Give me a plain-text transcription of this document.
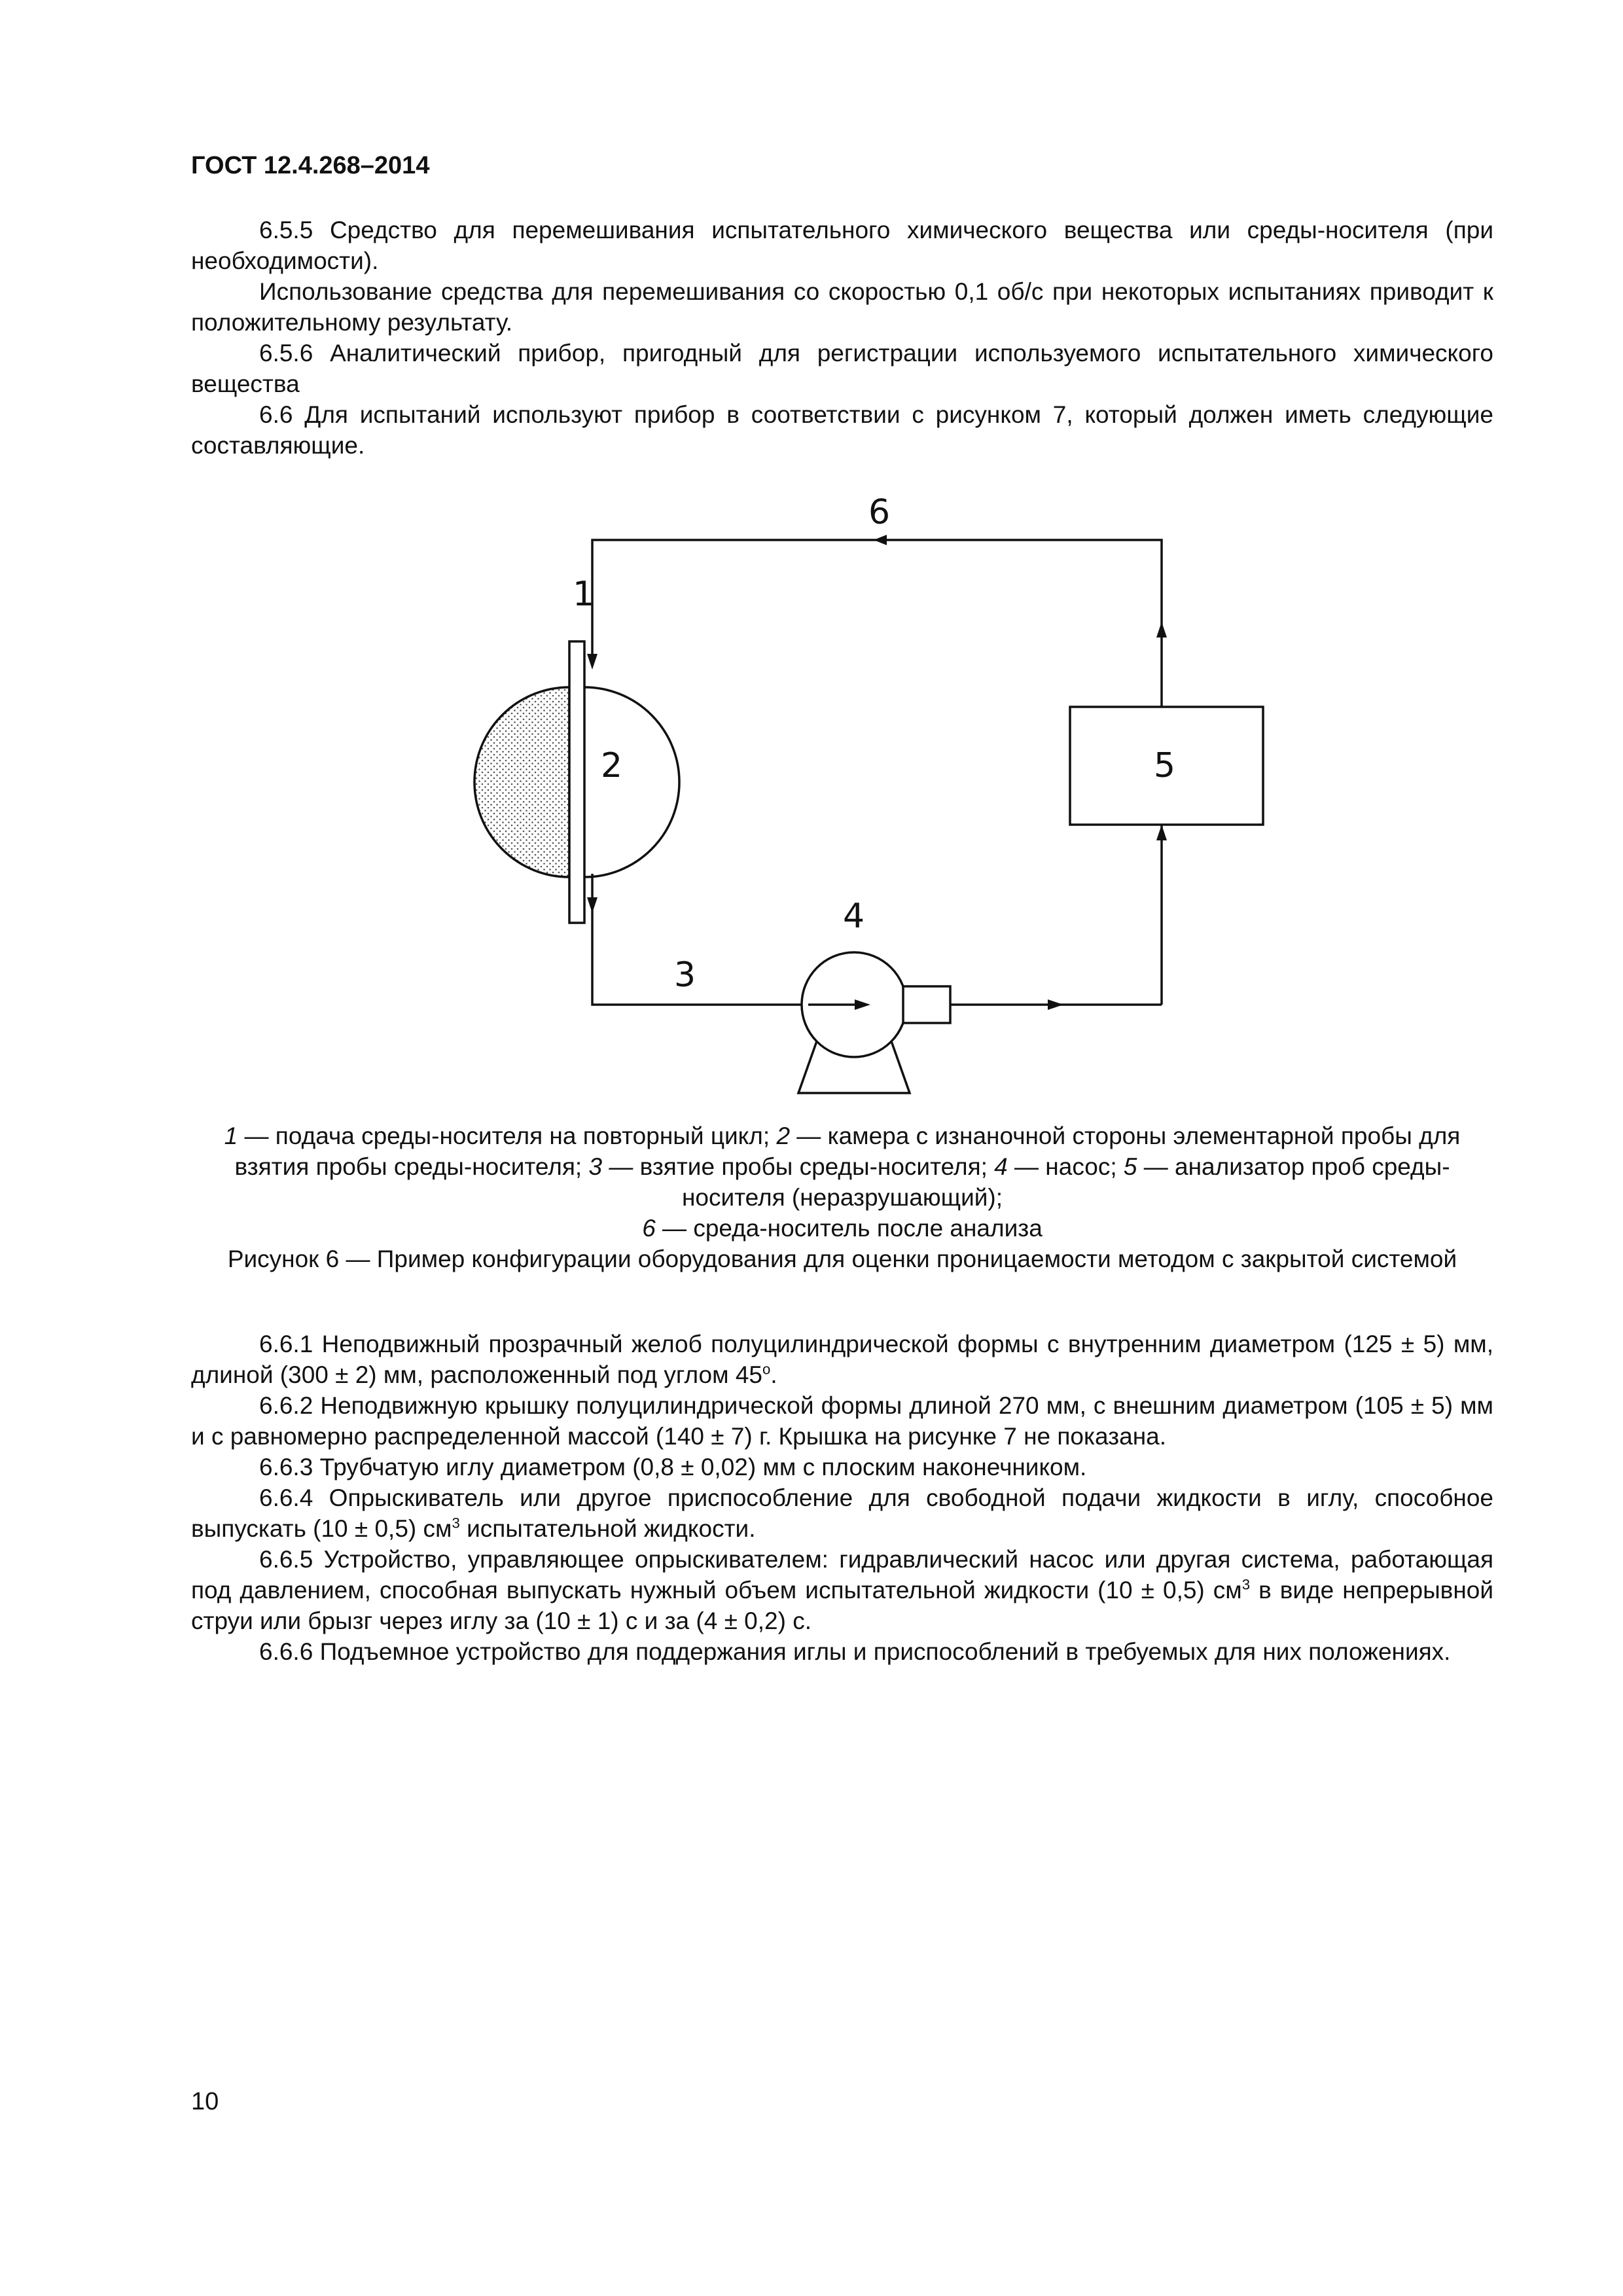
ГОСТ 12.4.268–2014

6.5.5 Средство для перемешивания испытательного химического вещества или среды-носителя (при необходимости).

Использование средства для перемешивания со скоростью 0,1 об/с при некоторых испытаниях приводит к положительному результату.

6.5.6 Аналитический прибор, пригодный для регистрации используемого испытательного химического вещества

6.6 Для испытаний используют прибор в соответствии с рисунком 7, который должен иметь следующие составляющие.

1
2
3
4
5
6
1 — подача среды-носителя на повторный цикл; 2 — камера с изнаночной стороны элементарной пробы для взятия пробы среды-носителя; 3 — взятие пробы среды-носителя; 4 — насос; 5 — анализатор проб среды-носителя (неразрушающий);
6 — среда-носитель после анализа
Рисунок 6 — Пример конфигурации оборудования для оценки проницаемости методом с закрытой системой

6.6.1 Неподвижный прозрачный желоб полуцилиндрической формы с внутренним диаметром (125 ± 5) мм, длиной (300 ± 2) мм, расположенный под углом $45^о$.

6.6.2 Неподвижную крышку полуцилиндрической формы длиной 270 мм, с внешним диаметром (105 ± 5) мм и с равномерно распределенной массой (140 ± 7) г. Крышка на рисунке 7 не показана.

6.6.3 Трубчатую иглу диаметром (0,8 ± 0,02) мм с плоским наконечником.

6.6.4 Опрыскиватель или другое приспособление для свободной подачи жидкости в иглу, способное выпускать (10 ± 0,5) $см^3$ испытательной жидкости.

6.6.5 Устройство, управляющее опрыскивателем: гидравлический насос или другая система, работающая под давлением, способная выпускать нужный объем испытательной жидкости (10 ± 0,5) $см^3$ в виде непрерывной струи или брызг через иглу за (10 ± 1) с и за (4 ± 0,2) с.

6.6.6 Подъемное устройство для поддержания иглы и приспособлений в требуемых для них положениях.

10
